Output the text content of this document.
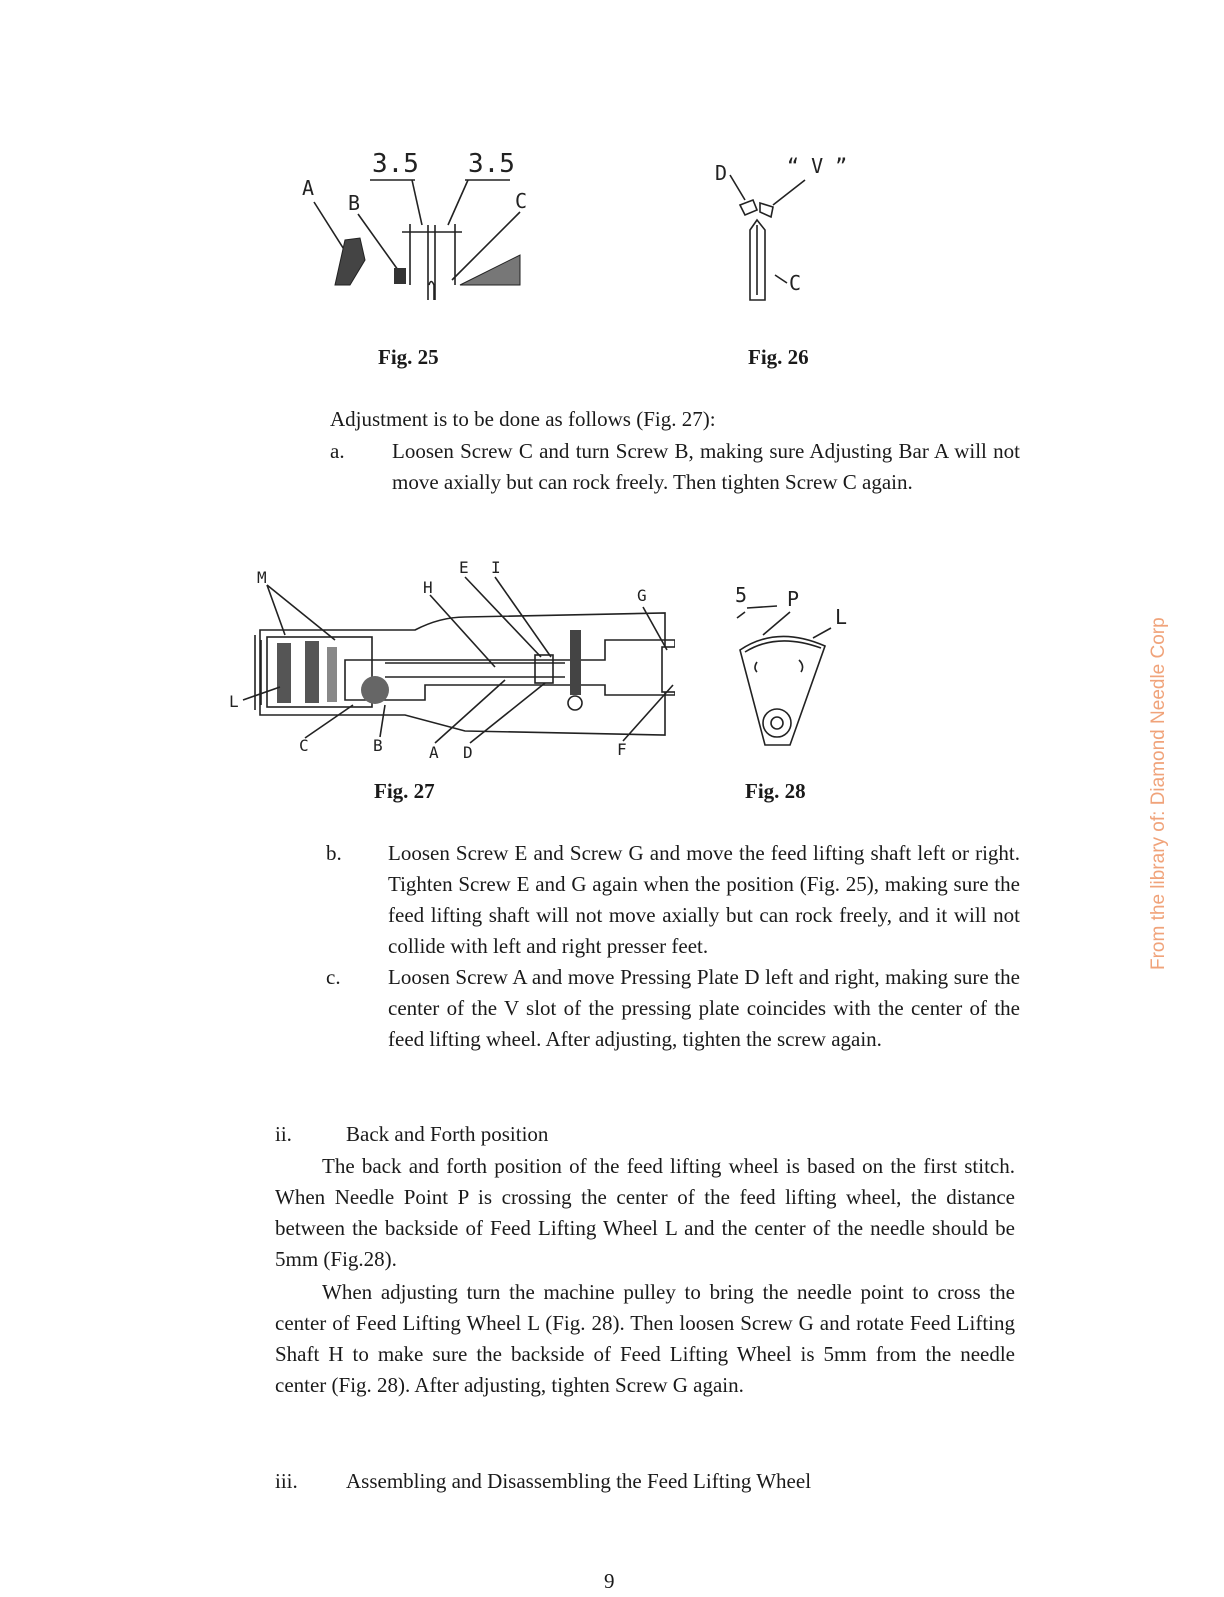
A
B	C
3.5 3.5
Fig. 25
D	“ V ”
C
Fig. 26
Adjustment is to be done as follows (Fig. 27):
a. Loosen Screw C and turn Screw B, making sure Adjusting Bar A will not move axially but can rock freely. Then tighten Screw C again.
M
H
E I
G
L
C	B	A D	F
Fig. 27
5 P
L
Fig. 28
b. Loosen Screw E and Screw G and move the feed lifting shaft left or right. Tighten Screw E and G again when the position (Fig. 25), making sure the feed lifting shaft will not move axially but can rock freely, and it will not collide with left and right presser feet.
c. Loosen Screw A and move Pressing Plate D left and right, making sure the center of the V slot of the pressing plate coincides with the center of the feed lifting wheel. After adjusting, tighten the screw again.
ii.	Back and Forth position
The back and forth position of the feed lifting wheel is based on the first stitch. When Needle Point P is crossing the center of the feed lifting wheel, the distance between the backside of Feed Lifting Wheel L and the center of the needle should be 5mm (Fig.28).
When adjusting turn the machine pulley to bring the needle point to cross the center of Feed Lifting Wheel L (Fig. 28). Then loosen Screw G and rotate Feed Lifting Shaft H to make sure the backside of Feed Lifting Wheel is 5mm from the needle center (Fig. 28). After adjusting, tighten Screw G again.
iii. Assembling and Disassembling the Feed Lifting Wheel
9
From the library of: Diamond Needle Corp
